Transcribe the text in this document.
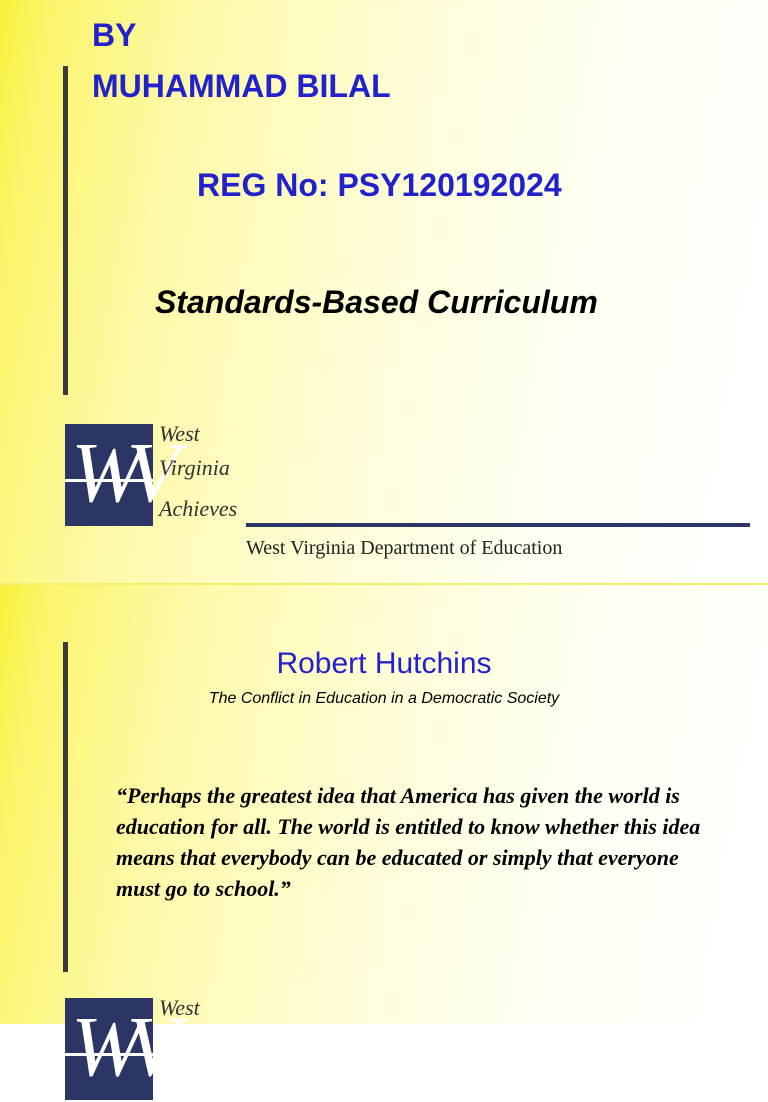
BY

MUHAMMAD BILAL

REG No: PSY120192024

Standards-Based Curriculum

WV

West

Virginia

Achieves

West Virginia Department of Education

Robert Hutchins

The Conflict in Education in a Democratic Society

“Perhaps the greatest idea that America has given the world is education for all. The world is entitled to know whether this idea means that everybody can be educated or simply that everyone must go to school.”

WV

West
